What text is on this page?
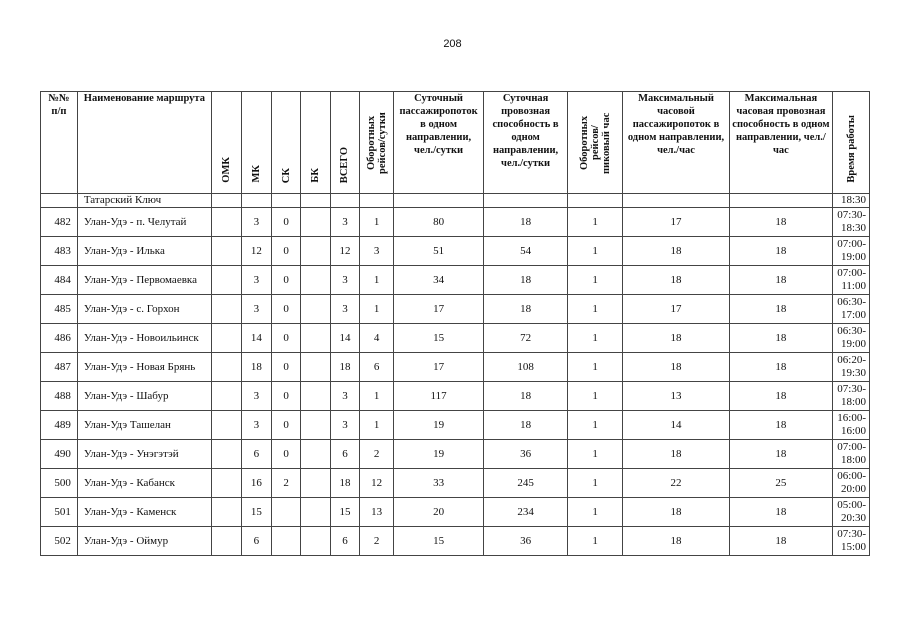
208
№№ п/п	Наименование маршрута	ОМК	МК	СК	БК	ВСЕГО	Оборотных рейсов/сутки	Суточный пассажиропоток в одном направлении, чел./сутки	Суточная провозная способность в одном направлении, чел./сутки	Оборотных рейсов/ пиковый час	Максимальный часовой пассажиропоток в одном направлении, чел./час	Максимальная часовая провозная способность в одном направлении, чел./час	Время работы
	Татарский Ключ												18:30
482	Улан-Удэ - п. Челутай		3	0		3	1	80	18	1	17	18	07:30-18:30
483	Улан-Удэ - Илька		12	0		12	3	51	54	1	18	18	07:00-19:00
484	Улан-Удэ - Первомаевка		3	0		3	1	34	18	1	18	18	07:00-11:00
485	Улан-Удэ - с. Горхон		3	0		3	1	17	18	1	17	18	06:30-17:00
486	Улан-Удэ - Новоильинск		14	0		14	4	15	72	1	18	18	06:30-19:00
487	Улан-Удэ - Новая Брянь		18	0		18	6	17	108	1	18	18	06:20-19:30
488	Улан-Удэ - Шабур		3	0		3	1	117	18	1	13	18	07:30-18:00
489	Улан-Удэ Ташелан		3	0		3	1	19	18	1	14	18	16:00-16:00
490	Улан-Удэ - Унэгэтэй		6	0		6	2	19	36	1	18	18	07:00-18:00
500	Улан-Удэ - Кабанск		16	2		18	12	33	245	1	22	25	06:00-20:00
501	Улан-Удэ - Каменск		15			15	13	20	234	1	18	18	05:00-20:30
502	Улан-Удэ - Оймур		6			6	2	15	36	1	18	18	07:30-15:00
